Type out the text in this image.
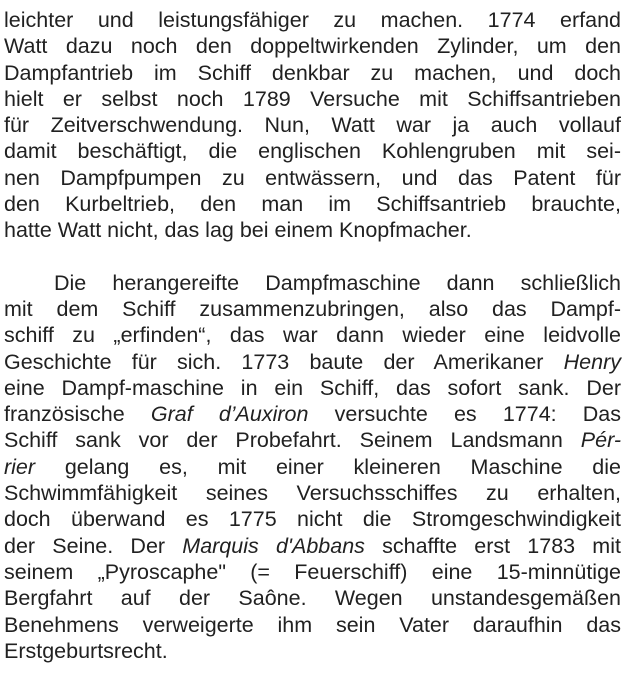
leichter und leistungsfähiger zu machen. 1774 erfand
Watt dazu noch den doppeltwirkenden Zylinder, um den
Dampfantrieb im Schiff denkbar zu machen, und doch
hielt er selbst noch 1789 Versuche mit Schiffsantrieben
für Zeitverschwendung. Nun, Watt war ja auch vollauf
damit beschäftigt, die englischen Kohlengruben mit sei-
nen Dampfpumpen zu entwässern, und das Patent für
den Kurbeltrieb, den man im Schiffsantrieb brauchte,
hatte Watt nicht, das lag bei einem Knopfmacher.
Die herangereifte Dampfmaschine dann schließlich
mit dem Schiff zusammenzubringen, also das Dampf-
schiff zu „erfinden“, das war dann wieder eine leidvolle
Geschichte für sich. 1773 baute der Amerikaner Henry
eine Dampf-maschine in ein Schiff, das sofort sank. Der
französische Graf d’Auxiron versuchte es 1774: Das
Schiff sank vor der Probefahrt. Seinem Landsmann Pér-
rier gelang es, mit einer kleineren Maschine die
Schwimmfähigkeit seines Versuchsschiffes zu erhalten,
doch überwand es 1775 nicht die Stromgeschwindigkeit
der Seine. Der Marquis d'Abbans schaffte erst 1783 mit
seinem „Pyroscaphe" (= Feuerschiff) eine 15-minnütige
Bergfahrt auf der Saône. Wegen unstandesgemäßen
Benehmens verweigerte ihm sein Vater daraufhin das
Erstgeburtsrecht.
